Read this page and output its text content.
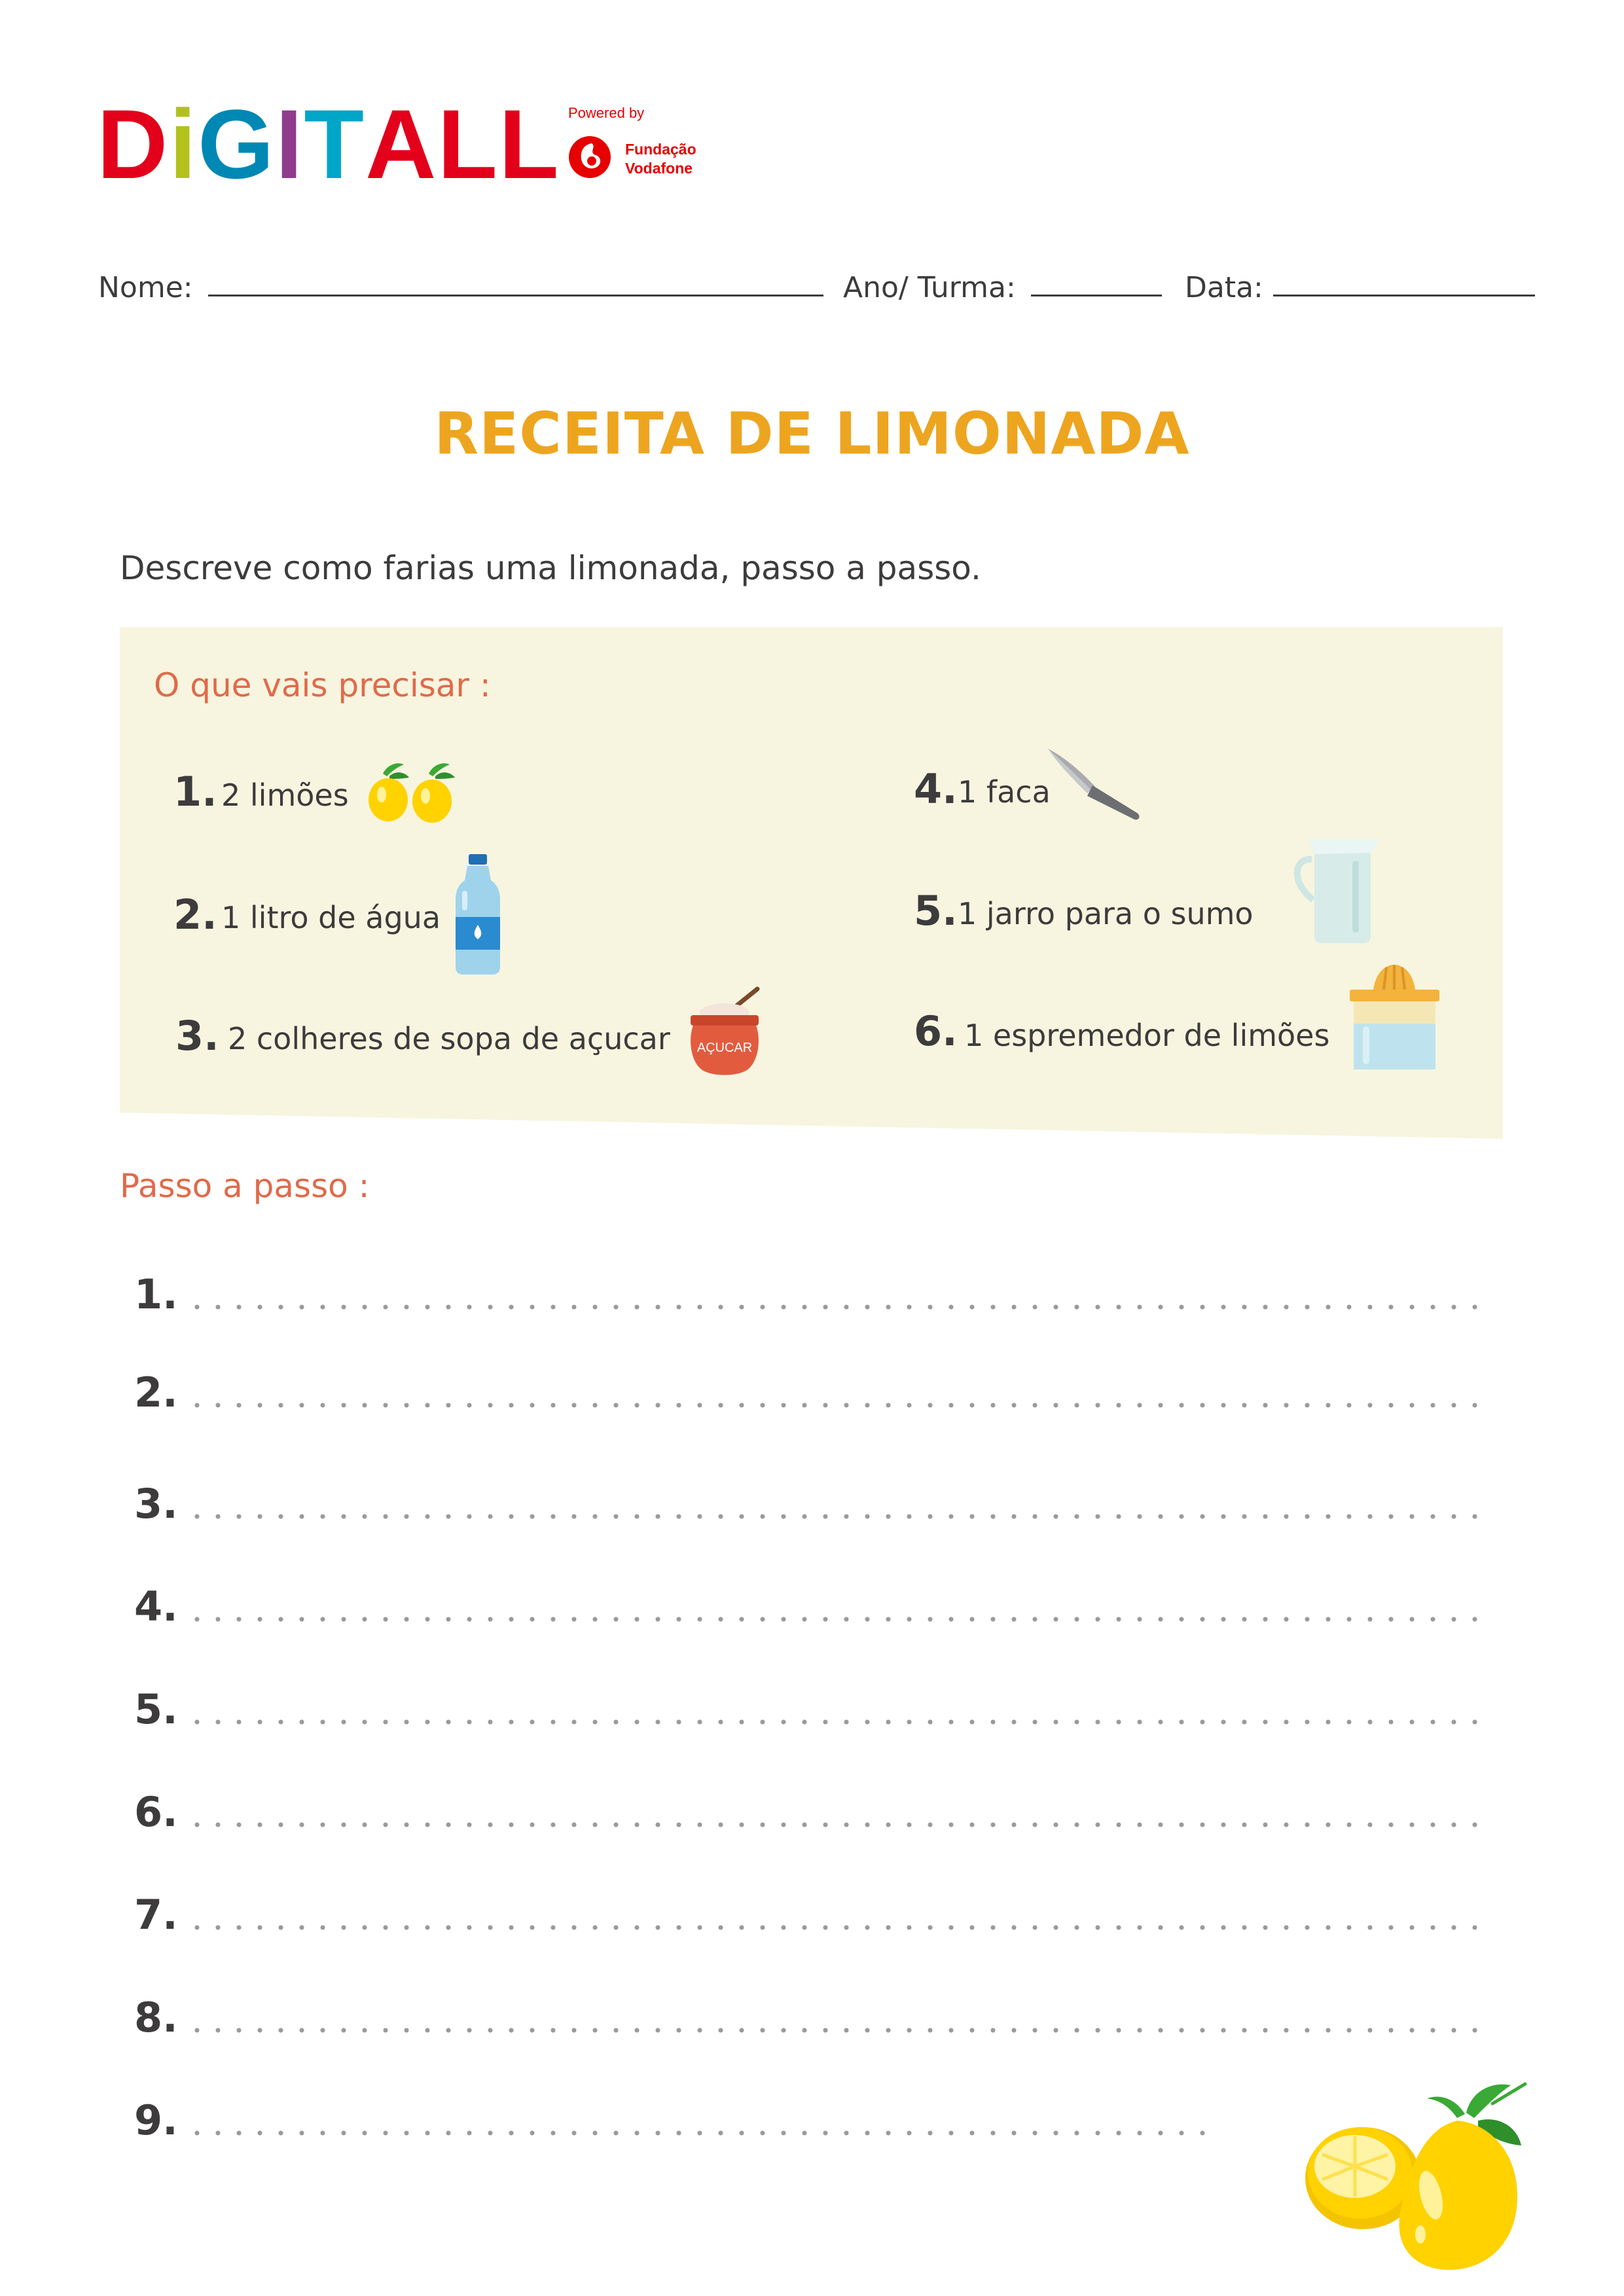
DiGITALL Powered by
Fundação Vodafone
Nome:	Ano/ Turma:	Data:
RECEITA DE LIMONADA
Descreve como farias uma limonada, passo a passo.
O que vais precisar :
1. 2 limões
2. 1 litro de água
3. 2 colheres de sopa de açucar AÇUCAR
4. 1 faca
5. 1 jarro para o sumo
6. 1 espremedor de limões
Passo a passo :
1.
2.
3.
4.
5.
6.
7.
8.
9.
